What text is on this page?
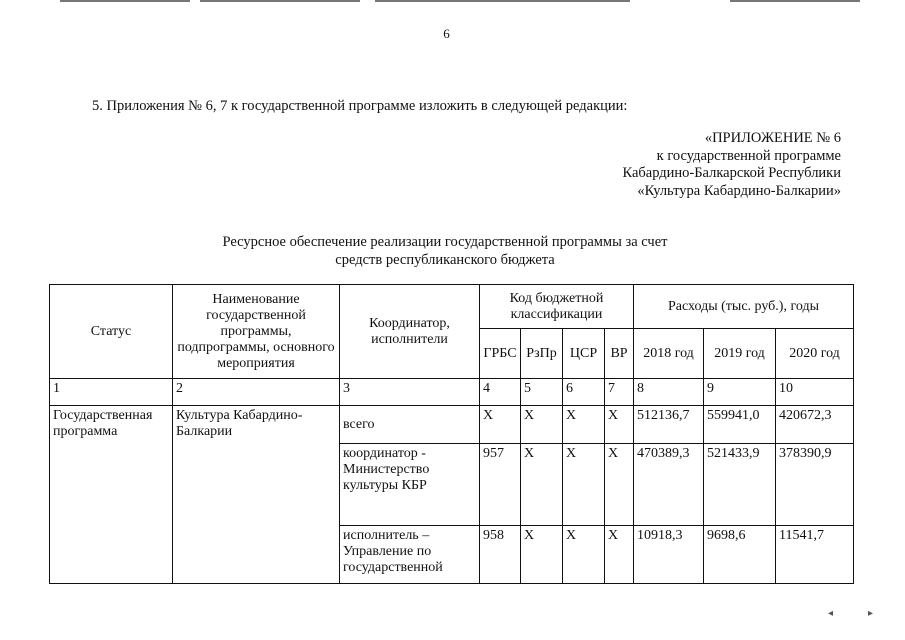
6
5. Приложения № 6, 7 к государственной программе изложить в следующей редакции:
«ПРИЛОЖЕНИЕ № 6
к государственной программе
Кабардино-Балкарской Республики
«Культура Кабардино-Балкарии»
Ресурсное обеспечение реализации государственной программы за счет
средств республиканского бюджета
Статус	Наименование государственной программы, подпрограммы, основного мероприятия	Координатор, исполнители	Код бюджетной классификации				Расходы (тыс. руб.), годы		
			ГРБС	РзПр	ЦСР	ВР	2018 год	2019 год	2020 год
1	2	3	4	5	6	7	8	9	10
Государственная программа	Культура Кабардино-Балкарии	всего	Х	Х	Х	Х	512136,7	559941,0	420672,3
		координатор - Министерство культуры КБР	957	Х	Х	Х	470389,3	521433,9	378390,9
		исполнитель – Управление по государственной	958	Х	Х	Х	10918,3	9698,6	11541,7
◂	▸
